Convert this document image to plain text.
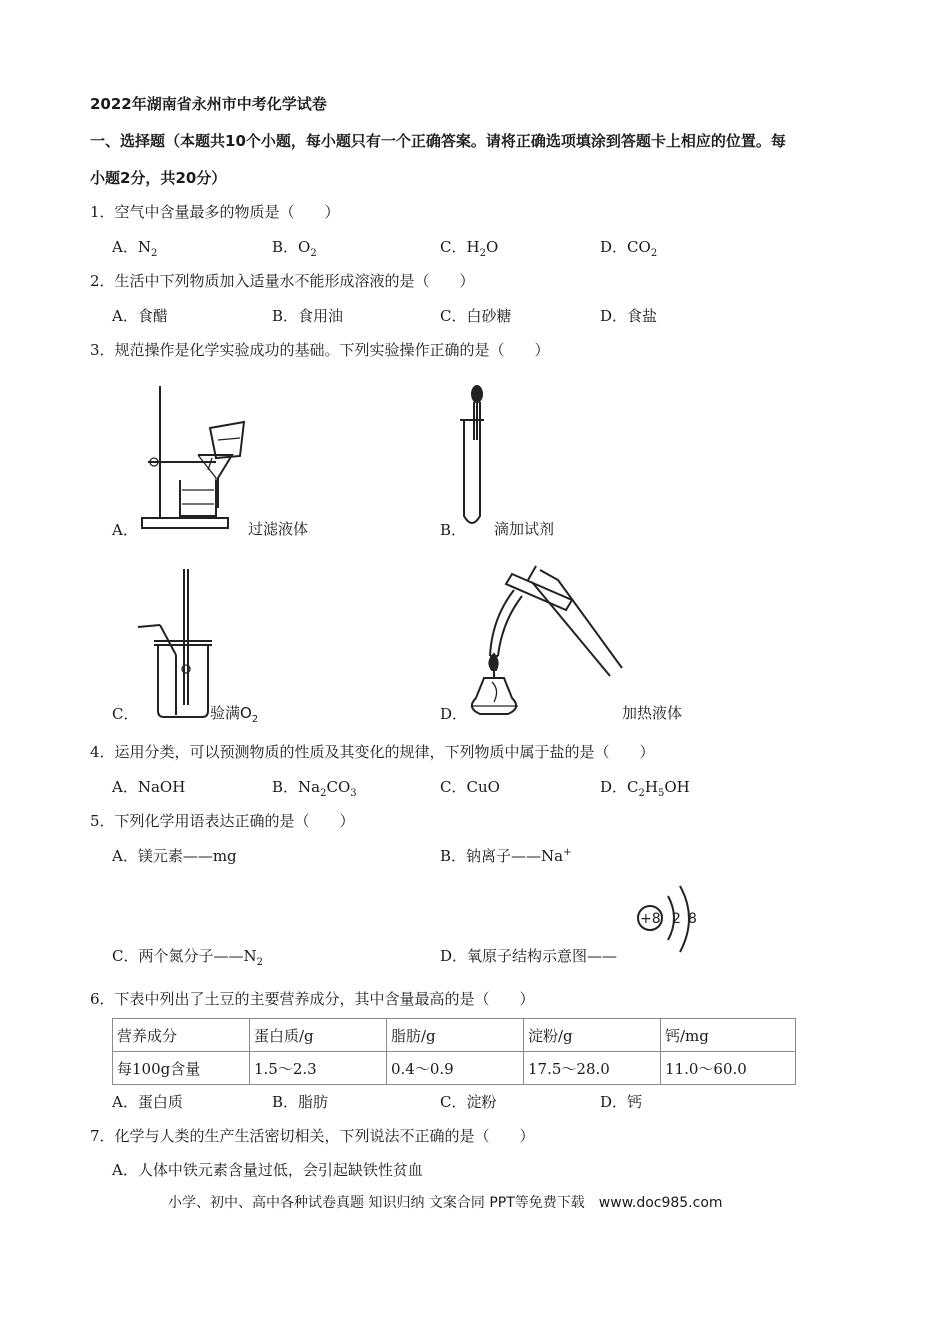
2022年湖南省永州市中考化学试卷
一、选择题（本题共10个小题，每小题只有一个正确答案。请将正确选项填涂到答题卡上相应的位置。每
小题2分，共20分）
1．空气中含量最多的物质是（　　）
A．$N_2$	B．$O_2$	C．$H_2O$	D．$CO_2$
2．生活中下列物质加入适量水不能形成溶液的是（　　）
A．食醋	B．食用油	C．白砂糖	D．食盐
3．规范操作是化学实验成功的基础。下列实验操作正确的是（　　）
A．	过滤液体	B． 滴加试剂
C．	验满$O_2$	D．	加热液体
4．运用分类，可以预测物质的性质及其变化的规律，下列物质中属于盐的是（　　）
A．NaOH	B．$Na_2CO_3$	C．CuO	D．$C_2H_5OH$
5．下列化学用语表达正确的是（　　）
A．镁元素——mg	B．钠离子——Na+
C．两个氮分子$——N_2$	D．氧原子结构示意图——
+8 2 8
6．下表中列出了土豆的主要营养成分，其中含量最高的是（　　）
营养成分	蛋白质/g	脂肪/g	淀粉/g	钙/mg
每100g含量	1.5～2.3	0.4～0.9	17.5～28.0	11.0～60.0
A．蛋白质	B．脂肪	C．淀粉	D．钙
7．化学与人类的生产生活密切相关，下列说法不正确的是（　　）
A．人体中铁元素含量过低，会引起缺铁性贫血
小学、初中、高中各种试卷真题 知识归纳 文案合同 PPT等免费下载 www.doc985.com
